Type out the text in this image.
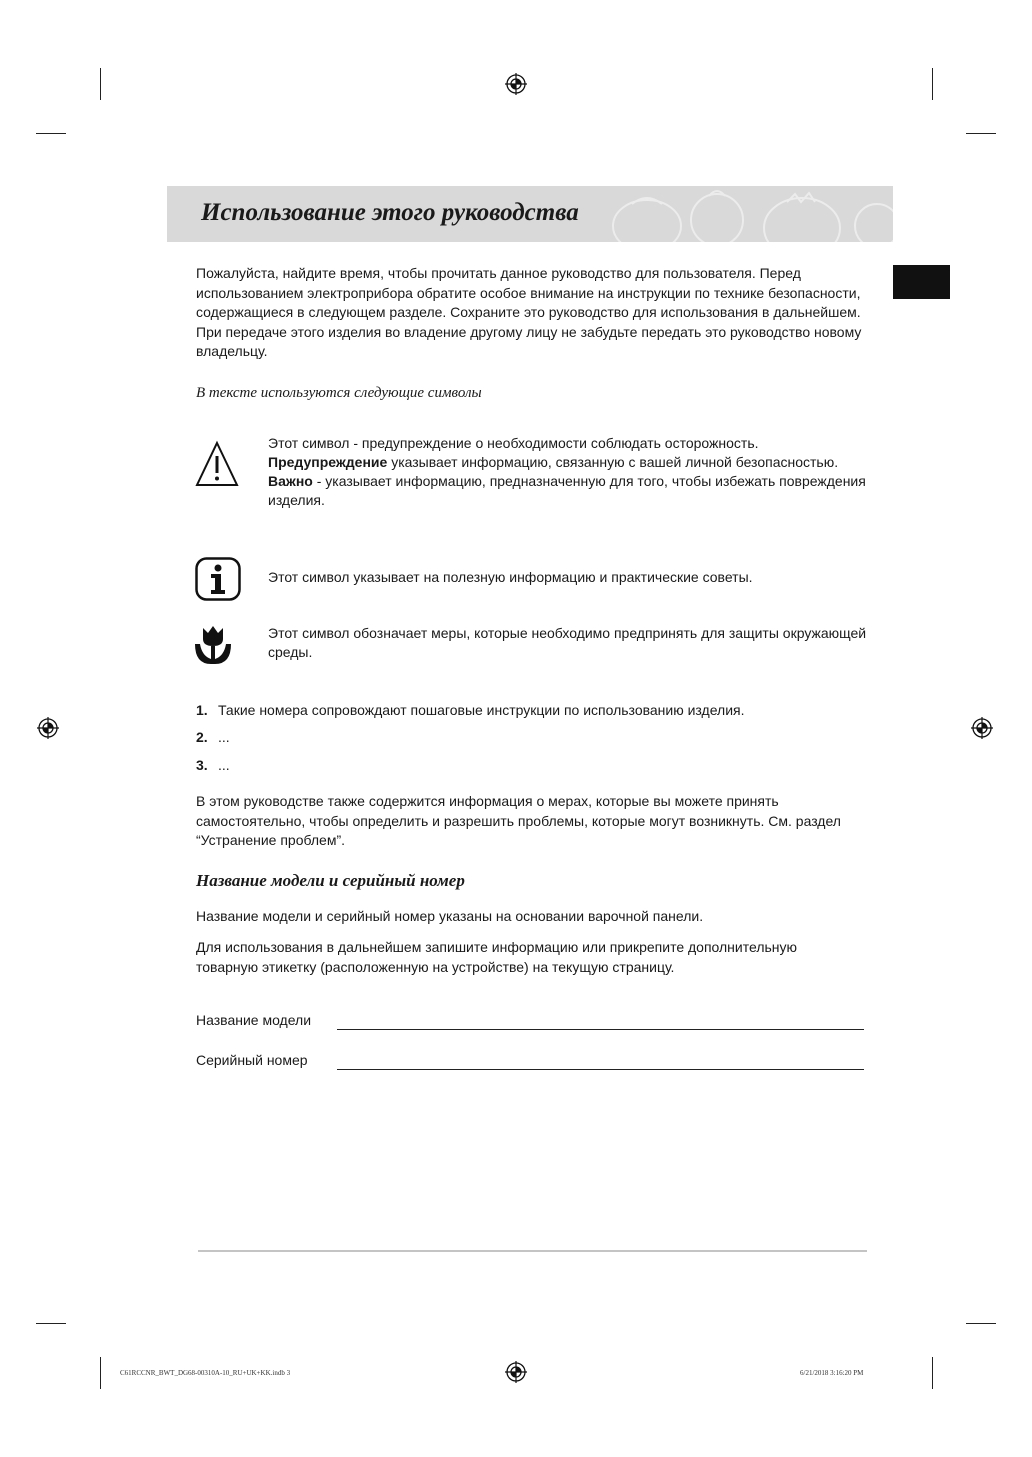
Использование этого руководства
Пожалуйста, найдите время, чтобы прочитать данное руководство для пользователя. Перед использованием электроприбора обратите особое внимание на инструкции по технике безопасности, содержащиеся в следующем разделе. Сохраните это руководство для использования в дальнейшем. При передаче этого изделия во владение другому лицу не забудьте передать это руководство новому владельцу.
В тексте используются следующие символы
Этот символ - предупреждение о необходимости соблюдать осторожность.
Предупреждение указывает информацию, связанную с вашей личной безопасностью.
Важно - указывает информацию, предназначенную для того, чтобы избежать повреждения изделия.
Этот символ указывает на полезную информацию и практические советы.
Этот символ обозначает меры, которые необходимо предпринять для защиты окружающей среды.
1. Такие номера сопровождают пошаговые инструкции по использованию изделия.
2. ...
3. ...
В этом руководстве также содержится информация о мерах, которые вы можете принять самостоятельно, чтобы определить и разрешить проблемы, которые могут возникнуть. См. раздел “Устранение проблем”.
Название модели и серийный номер
Название модели и серийный номер указаны на основании варочной панели.
Для использования в дальнейшем запишите информацию или прикрепите дополнительную товарную этикетку (расположенную на устройстве) на текущую страницу.
Название модели
Серийный номер
C61RCCNR_BWT_DG68-00310A-10_RU+UK+KK.indb 3	6/21/2018 3:16:20 PM
